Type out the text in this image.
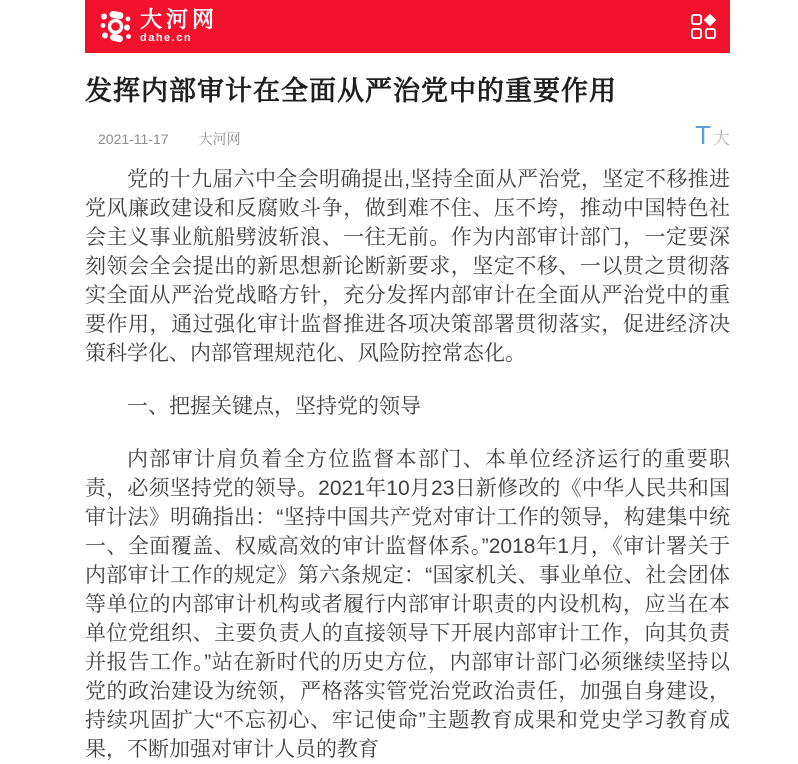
大河网
dahe.cn
发挥内部审计在全面从严治党中的重要作用
2021-11-17 大河网	T 大

党的十九届六中全会明确提出,坚持全面从严治党，坚定不移推进党风廉政建设和反腐败斗争，做到难不住、压不垮，推动中国特色社会主义事业航船劈波斩浪、一往无前。作为内部审计部门，一定要深刻领会全会提出的新思想新论断新要求，坚定不移、一以贯之贯彻落实全面从严治党战略方针，充分发挥内部审计在全面从严治党中的重要作用，通过强化审计监督推进各项决策部署贯彻落实，促进经济决策科学化、内部管理规范化、风险防控常态化。

一、把握关键点，坚持党的领导

内部审计肩负着全方位监督本部门、本单位经济运行的重要职责，必须坚持党的领导。2021年10月23日新修改的《中华人民共和国审计法》明确指出：“坚持中国共产党对审计工作的领导，构建集中统一、全面覆盖、权威高效的审计监督体系。”2018年1月，《审计署关于内部审计工作的规定》第六条规定：“国家机关、事业单位、社会团体等单位的内部审计机构或者履行内部审计职责的内设机构，应当在本单位党组织、主要负责人的直接领导下开展内部审计工作，向其负责并报告工作。”站在新时代的历史方位，内部审计部门必须继续坚持以党的政治建设为统领，严格落实管党治党政治责任，加强自身建设，持续巩固扩大“不忘初心、牢记使命”主题教育成果和党史学习教育成果，不断加强对审计人员的教育
